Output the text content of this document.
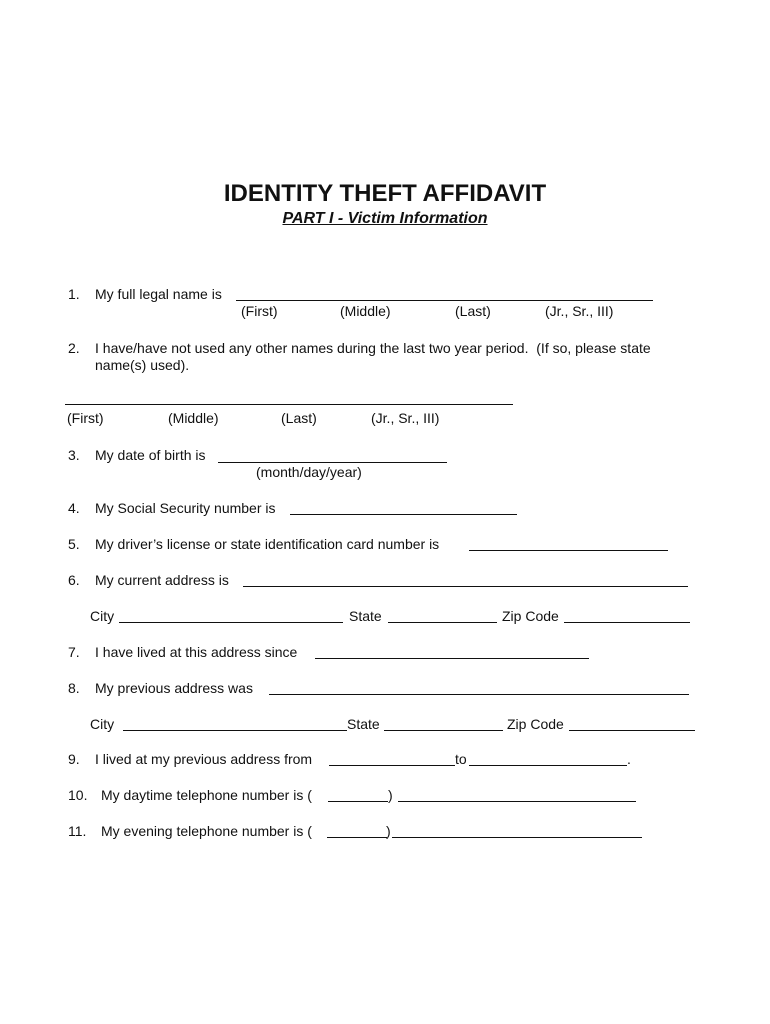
IDENTITY THEFT AFFIDAVIT
PART I - Victim Information
1. My full legal name is
(First)	(Middle)	(Last)	(Jr., Sr., III)
2. I have/have not used any other names during the last two year period.  (If so, please state
name(s) used).
(First)	(Middle)	(Last)	(Jr., Sr., III)
3. My date of birth is
(month/day/year)
4. My Social Security number is
5. My driver’s license or state identification card number is
6. My current address is
City	State	Zip Code
7. I have lived at this address since
8. My previous address was
City	State	Zip Code
9. I lived at my previous address from	to	.
10. My daytime telephone number is (	)
11. My evening telephone number is (	)
